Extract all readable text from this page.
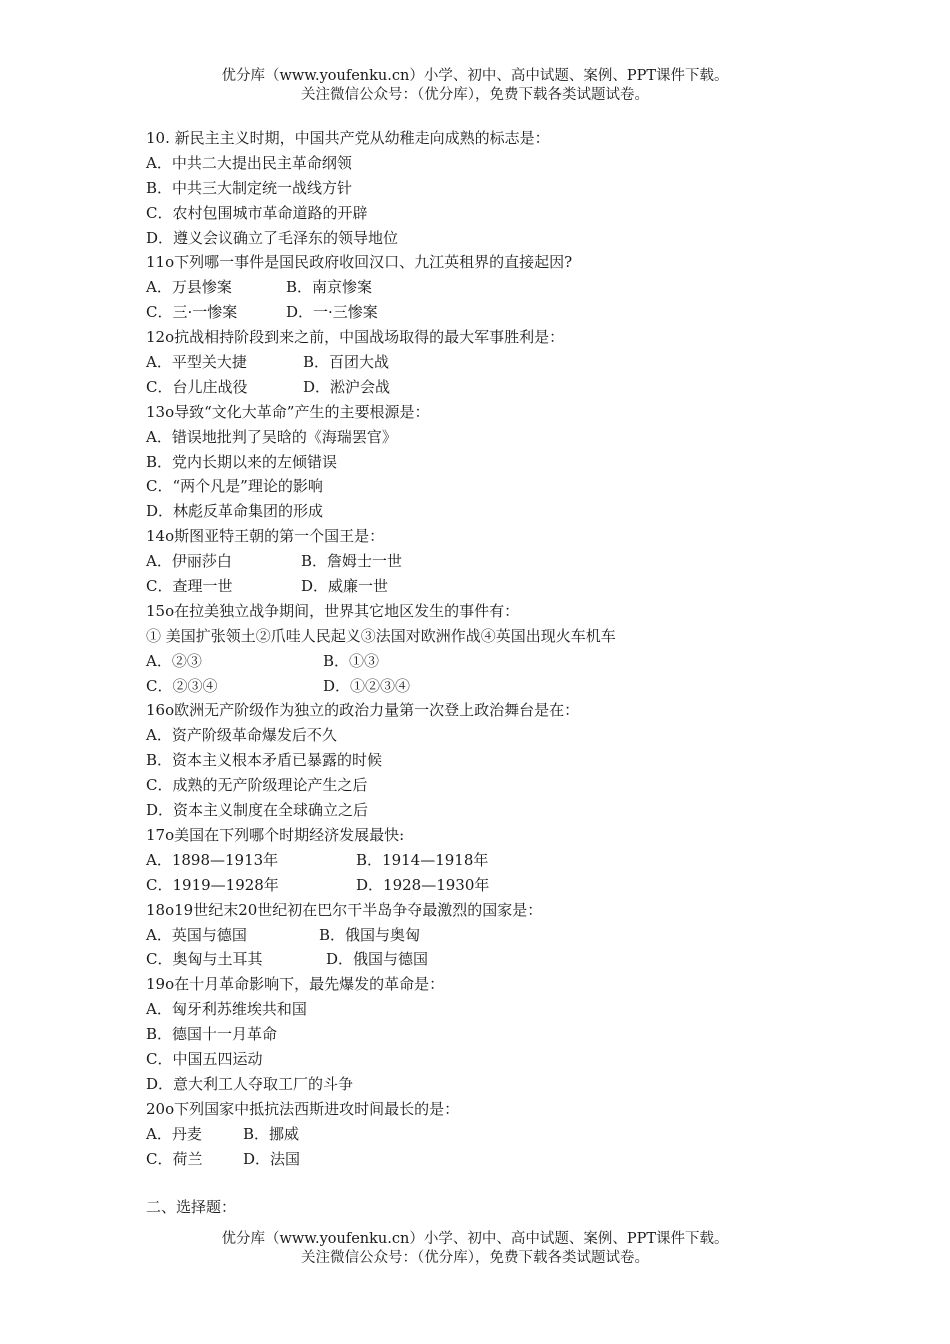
优分库（www.youfenku.cn）小学、初中、高中试题、案例、PPT课件下载。
关注微信公众号：（优分库），免费下载各类试题试卷。
10. 新民主主义时期，中国共产党从幼稚走向成熟的标志是：
A．中共二大提出民主革命纲领
B．中共三大制定统一战线方针
C．农村包围城市革命道路的开辟
D．遵义会议确立了毛泽东的领导地位
11o下列哪一事件是国民政府收回汉口、九江英租界的直接起因?
A．万县惨案	B．南京惨案
C．三·一惨案	D．一·三惨案
12o抗战相持阶段到来之前，中国战场取得的最大军事胜利是：
A．平型关大捷	B．百团大战
C．台儿庄战役	D．淞沪会战
13o导致“文化大革命”产生的主要根源是：
A．错误地批判了吴晗的《海瑞罢官》
B．党内长期以来的左倾错误
C．“两个凡是”理论的影响
D．林彪反革命集团的形成
14o斯图亚特王朝的第一个国王是：
A．伊丽莎白	B．詹姆士一世
C．查理一世	D．威廉一世
15o在拉美独立战争期间，世界其它地区发生的事件有：
① 美国扩张领土②爪哇人民起义③法国对欧洲作战④英国出现火车机车
A．②③	B．①③
C．②③④	D．①②③④
16o欧洲无产阶级作为独立的政治力量第一次登上政治舞台是在：
A．资产阶级革命爆发后不久
B．资本主义根本矛盾已暴露的时候
C．成熟的无产阶级理论产生之后
D．资本主义制度在全球确立之后
17o美国在下列哪个时期经济发展最快:
A．1898—1913年	B．1914—1918年
C．1919—1928年	D．1928—1930年
18o19世纪末20世纪初在巴尔干半岛争夺最激烈的国家是：
A．英国与德国	B．俄国与奥匈
C．奥匈与土耳其	D．俄国与德国
19o在十月革命影响下，最先爆发的革命是：
A．匈牙利苏维埃共和国
B．德国十一月革命
C．中国五四运动
D．意大利工人夺取工厂的斗争
20o下列国家中抵抗法西斯进攻时间最长的是：
A．丹麦	B．挪威
C．荷兰	D．法国
二、选择题：
优分库（www.youfenku.cn）小学、初中、高中试题、案例、PPT课件下载。
关注微信公众号：（优分库），免费下载各类试题试卷。
